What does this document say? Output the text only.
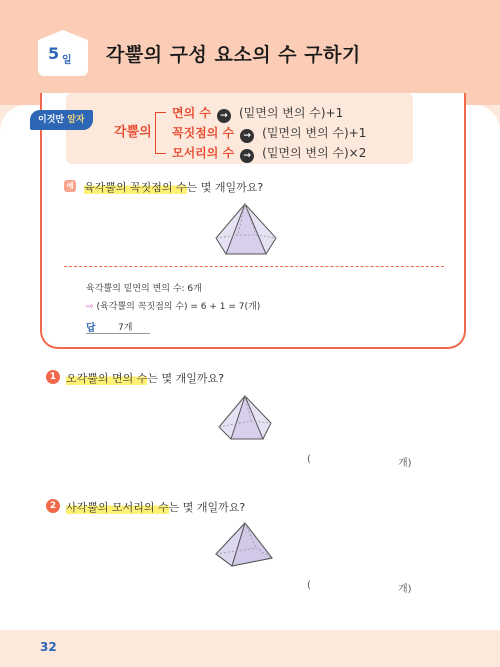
5 일 각뿔의 구성 요소의 수 구하기
이것만 알자
각뿔의
면의 수 → (밑면의 변의 수)+1
꼭짓점의 수 → (밑면의 변의 수)+1
모서리의 수 → (밑면의 변의 수)×2
예 육각뿔의 꼭짓점의 수는 몇 개일까요?
육각뿔의 밑면의 변의 수: 6개
⇨ (육각뿔의 꼭짓점의 수) = 6 + 1 = 7(개)
답 7개
1 오각뿔의 면의 수는 몇 개일까요?
(	개)
2 사각뿔의 모서리의 수는 몇 개일까요?
(	개)
32
